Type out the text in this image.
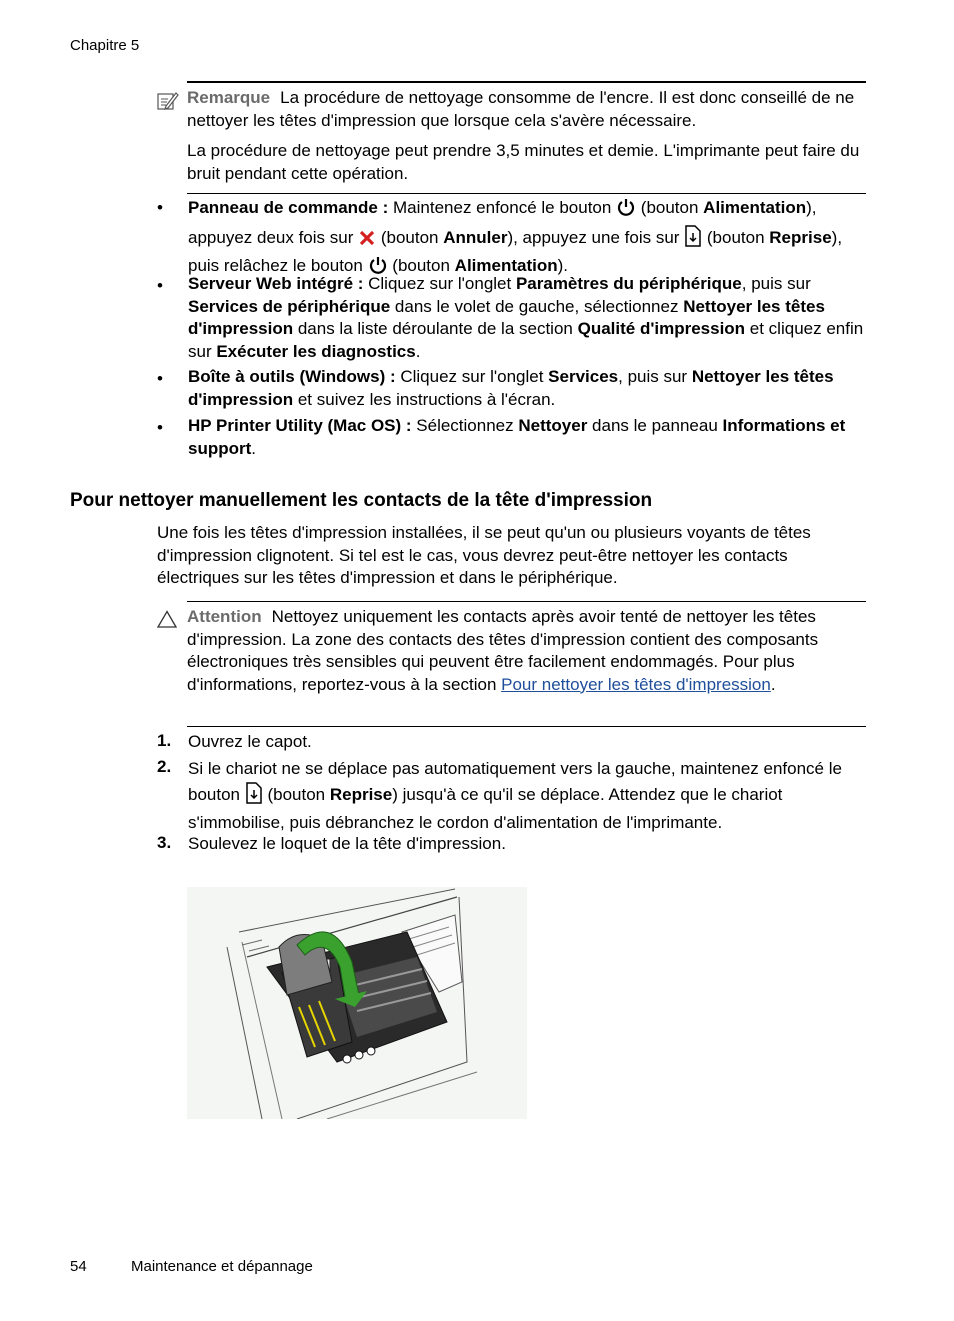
Chapitre 5
Remarque La procédure de nettoyage consomme de l'encre. Il est donc conseillé de ne nettoyer les têtes d'impression que lorsque cela s'avère nécessaire.
La procédure de nettoyage peut prendre 3,5 minutes et demie. L'imprimante peut faire du bruit pendant cette opération.
• Panneau de commande : Maintenez enfoncé le bouton  (bouton Alimentation), appuyez deux fois sur  (bouton Annuler), appuyez une fois sur  (bouton Reprise), puis relâchez le bouton  (bouton Alimentation).
• Serveur Web intégré : Cliquez sur l'onglet Paramètres du périphérique, puis sur Services de périphérique dans le volet de gauche, sélectionnez Nettoyer les têtes d'impression dans la liste déroulante de la section Qualité d'impression et cliquez enfin sur Exécuter les diagnostics.
• Boîte à outils (Windows) : Cliquez sur l'onglet Services, puis sur Nettoyer les têtes d'impression et suivez les instructions à l'écran.
• HP Printer Utility (Mac OS) : Sélectionnez Nettoyer dans le panneau Informations et support.
Pour nettoyer manuellement les contacts de la tête d'impression
Une fois les têtes d'impression installées, il se peut qu'un ou plusieurs voyants de têtes d'impression clignotent. Si tel est le cas, vous devrez peut-être nettoyer les contacts électriques sur les têtes d'impression et dans le périphérique.
Attention Nettoyez uniquement les contacts après avoir tenté de nettoyer les têtes d'impression. La zone des contacts des têtes d'impression contient des composants électroniques très sensibles qui peuvent être facilement endommagés. Pour plus d'informations, reportez-vous à la section Pour nettoyer les têtes d'impression.
1. Ouvrez le capot.
2. Si le chariot ne se déplace pas automatiquement vers la gauche, maintenez enfoncé le bouton  (bouton Reprise) jusqu'à ce qu'il se déplace. Attendez que le chariot s'immobilise, puis débranchez le cordon d'alimentation de l'imprimante.
3. Soulevez le loquet de la tête d'impression.
54	Maintenance et dépannage
